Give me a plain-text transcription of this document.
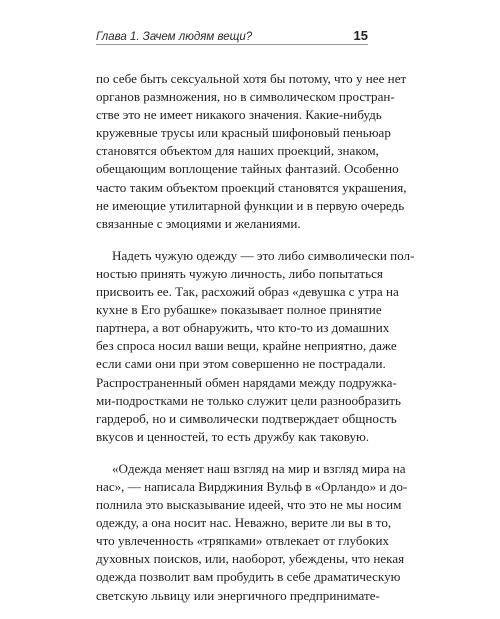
Глава 1. Зачем людям вещи?	15

по себе быть сексуальной хотя бы потому, что у нее нет
органов размножения, но в символическом простран-
стве это не имеет никакого значения. Какие-нибудь
кружевные трусы или красный шифоновый пеньюар
становятся объектом для наших проекций, знаком,
обещающим воплощение тайных фантазий. Особенно
часто таким объектом проекций становятся украшения,
не имеющие утилитарной функции и в первую очередь
связанные с эмоциями и желаниями.

Надеть чужую одежду — это либо символически пол-
ностью принять чужую личность, либо попытаться
присвоить ее. Так, расхожий образ «девушка с утра на
кухне в Его рубашке» показывает полное принятие
партнера, а вот обнаружить, что кто-то из домашних
без спроса носил ваши вещи, крайне неприятно, даже
если сами они при этом совершенно не пострадали.
Распространенный обмен нарядами между подружка-
ми-подростками не только служит цели разнообразить
гардероб, но и символически подтверждает общность
вкусов и ценностей, то есть дружбу как таковую.

«Одежда меняет наш взгляд на мир и взгляд мира на
нас», — написала Вирджиния Вульф в «Орландо» и до-
полнила это высказывание идеей, что это не мы носим
одежду, а она носит нас. Неважно, верите ли вы в то,
что увлеченность «тряпками» отвлекает от глубоких
духовных поисков, или, наоборот, убеждены, что некая
одежда позволит вам пробудить в себе драматическую
светскую львицу или энергичного предпринимате-
